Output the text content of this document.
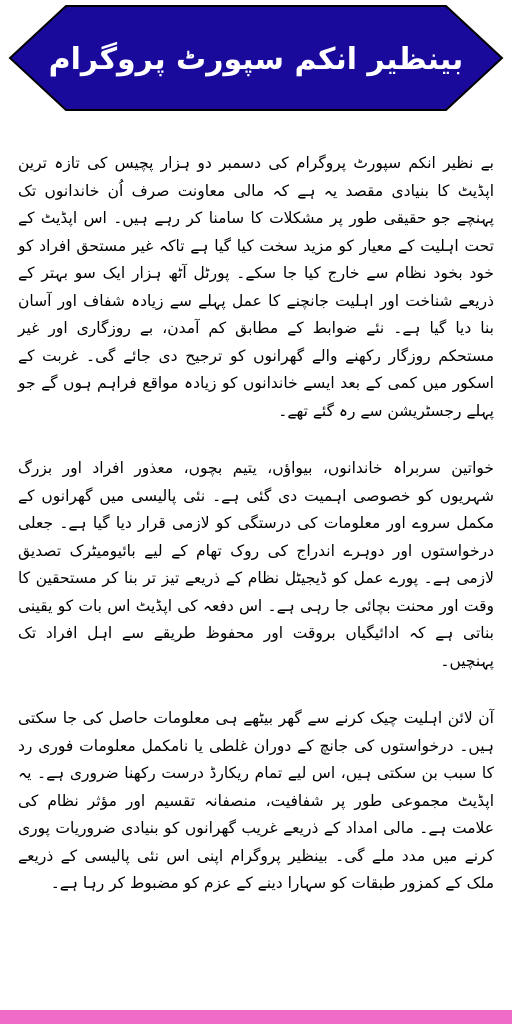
بینظیر انکم سپورٹ پروگرام

بے نظیر انکم سپورٹ پروگرام کی دسمبر دو ہزار پچیس کی تازہ ترین اپڈیٹ کا بنیادی مقصد یہ ہے کہ مالی معاونت صرف اُن خاندانوں تک پہنچے جو حقیقی طور پر مشکلات کا سامنا کر رہے ہیں۔ اس اپڈیٹ کے تحت اہلیت کے معیار کو مزید سخت کیا گیا ہے تاکہ غیر مستحق افراد کو خود بخود نظام سے خارج کیا جا سکے۔ پورٹل آٹھ ہزار ایک سو بہتر کے ذریعے شناخت اور اہلیت جانچنے کا عمل پہلے سے زیادہ شفاف اور آسان بنا دیا گیا ہے۔ نئے ضوابط کے مطابق کم آمدن، بے روزگاری اور غیر مستحکم روزگار رکھنے والے گھرانوں کو ترجیح دی جائے گی۔ غربت کے اسکور میں کمی کے بعد ایسے خاندانوں کو زیادہ مواقع فراہم ہوں گے جو پہلے رجسٹریشن سے رہ گئے تھے۔

خواتین سربراہ خاندانوں، بیواؤں، یتیم بچوں، معذور افراد اور بزرگ شہریوں کو خصوصی اہمیت دی گئی ہے۔ نئی پالیسی میں گھرانوں کے مکمل سروے اور معلومات کی درستگی کو لازمی قرار دیا گیا ہے۔ جعلی درخواستوں اور دوہرے اندراج کی روک تھام کے لیے بائیومیٹرک تصدیق لازمی ہے۔ پورے عمل کو ڈیجیٹل نظام کے ذریعے تیز تر بنا کر مستحقین کا وقت اور محنت بچائی جا رہی ہے۔ اس دفعہ کی اپڈیٹ اس بات کو یقینی بناتی ہے کہ ادائیگیاں بروقت اور محفوظ طریقے سے اہل افراد تک پہنچیں۔

آن لائن اہلیت چیک کرنے سے گھر بیٹھے ہی معلومات حاصل کی جا سکتی ہیں۔ درخواستوں کی جانچ کے دوران غلطی یا نامکمل معلومات فوری رد کا سبب بن سکتی ہیں، اس لیے تمام ریکارڈ درست رکھنا ضروری ہے۔ یہ اپڈیٹ مجموعی طور پر شفافیت، منصفانہ تقسیم اور مؤثر نظام کی علامت ہے۔ مالی امداد کے ذریعے غریب گھرانوں کو بنیادی ضروریات پوری کرنے میں مدد ملے گی۔ بینظیر پروگرام اپنی اس نئی پالیسی کے ذریعے ملک کے کمزور طبقات کو سہارا دینے کے عزم کو مضبوط کر رہا ہے۔
